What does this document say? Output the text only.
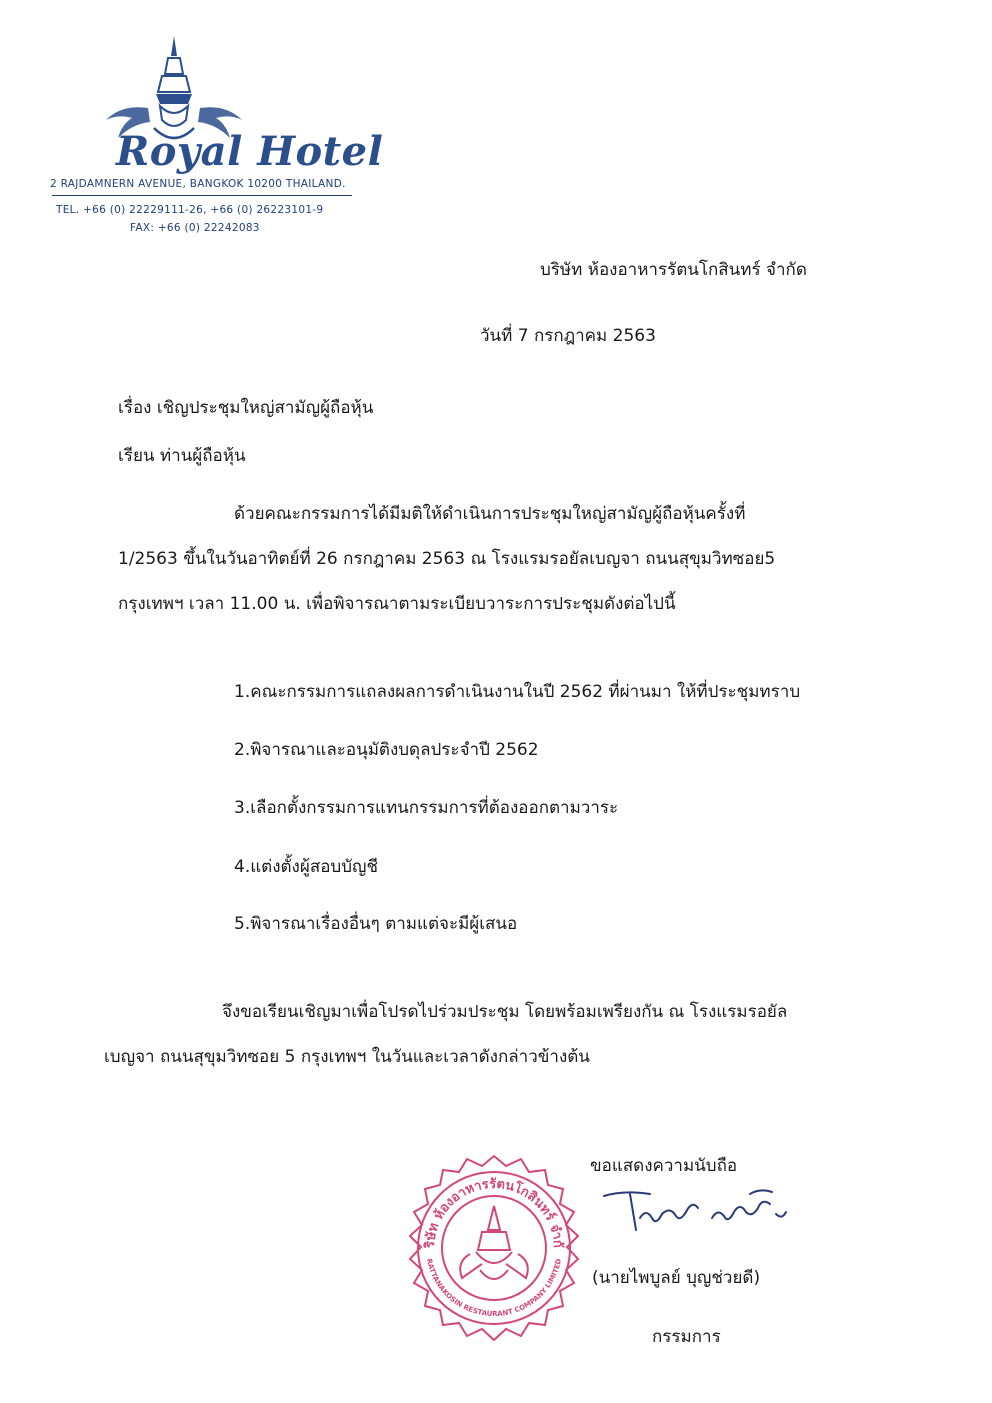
Royal Hotel
2 RAJDAMNERN AVENUE, BANGKOK 10200 THAILAND.
TEL. +66 (0) 22229111-26, +66 (0) 26223101-9
FAX: +66 (0) 22242083
บริษัท ห้องอาหารรัตนโกสินทร์ จำกัด
วันที่ 7 กรกฎาคม 2563
เรื่อง เชิญประชุมใหญ่สามัญผู้ถือหุ้น
เรียน ท่านผู้ถือหุ้น
ด้วยคณะกรรมการได้มีมติให้ดำเนินการประชุมใหญ่สามัญผู้ถือหุ้นครั้งที่
1/2563 ขึ้นในวันอาทิตย์ที่ 26 กรกฎาคม 2563 ณ โรงแรมรอยัลเบญจา ถนนสุขุมวิทซอย5
กรุงเทพฯ เวลา 11.00 น. เพื่อพิจารณาตามระเบียบวาระการประชุมดังต่อไปนี้
1.คณะกรรมการแถลงผลการดำเนินงานในปี 2562 ที่ผ่านมา ให้ที่ประชุมทราบ
2.พิจารณาและอนุมัติงบดุลประจำปี 2562
3.เลือกตั้งกรรมการแทนกรรมการที่ต้องออกตามวาระ
4.แต่งตั้งผู้สอบบัญชี
5.พิจารณาเรื่องอื่นๆ ตามแต่จะมีผู้เสนอ
จึงขอเรียนเชิญมาเพื่อโปรดไปร่วมประชุม โดยพร้อมเพรียงกัน ณ โรงแรมรอยัล
เบญจา ถนนสุขุมวิทซอย 5 กรุงเทพฯ ในวันและเวลาดังกล่าวข้างต้น
ขอแสดงความนับถือ
ริษัท ห้องอาหารรัตนโกสินทร์ จำกั
RATTANAKOSIN RESTAURANT COMPANY LIMITED
(นายไพบูลย์ บุญช่วยดี)
กรรมการ
